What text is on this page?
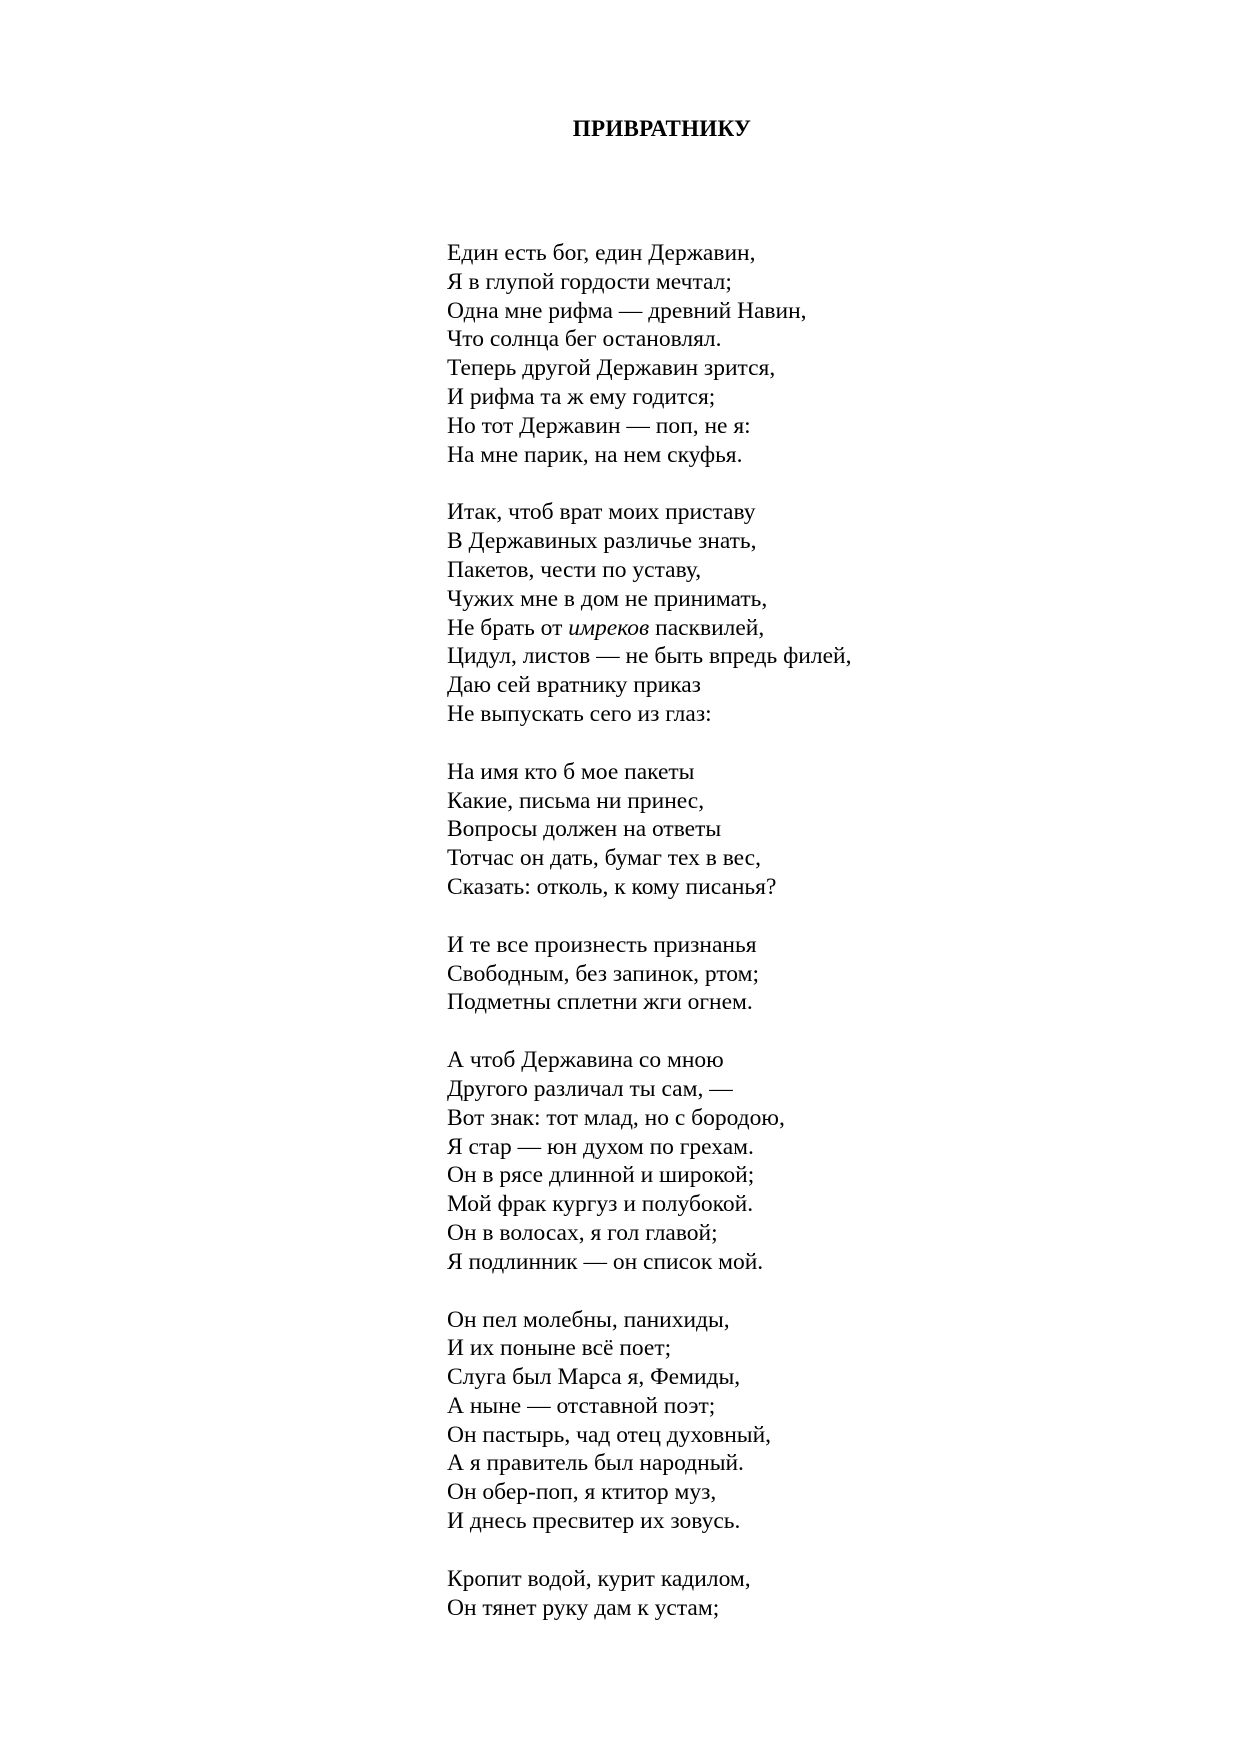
ПРИВРАТНИКУ
Един есть бог, един Державин,
Я в глупой гордости мечтал;
Одна мне рифма — древний Навин,
Что солнца бег остановлял.
Теперь другой Державин зрится,
И рифма та ж ему годится;
Но тот Державин — поп, не я:
На мне парик, на нем скуфья.
Итак, чтоб врат моих приставу
В Державиных различье знать,
Пакетов, чести по уставу,
Чужих мне в дом не принимать,
Не брать от имреков пасквилей,
Цидул, листов — не быть впредь филей,
Даю сей вратнику приказ
Не выпускать сего из глаз:
На имя кто б мое пакеты
Какие, письма ни принес,
Вопросы должен на ответы
Тотчас он дать, бумаг тех в вес,
Сказать: отколь, к кому писанья?
И те все произнесть признанья
Свободным, без запинок, ртом;
Подметны сплетни жги огнем.
А чтоб Державина со мною
Другого различал ты сам, —
Вот знак: тот млад, но с бородою,
Я стар — юн духом по грехам.
Он в рясе длинной и широкой;
Мой фрак кургуз и полубокой.
Он в волосах, я гол главой;
Я подлинник — он список мой.
Он пел молебны, панихиды,
И их поныне всё поет;
Слуга был Марса я, Фемиды,
А ныне — отставной поэт;
Он пастырь, чад отец духовный,
А я правитель был народный.
Он обер-поп, я ктитор муз,
И днесь пресвитер их зовусь.
Кропит водой, курит кадилом,
Он тянет руку дам к устам;
